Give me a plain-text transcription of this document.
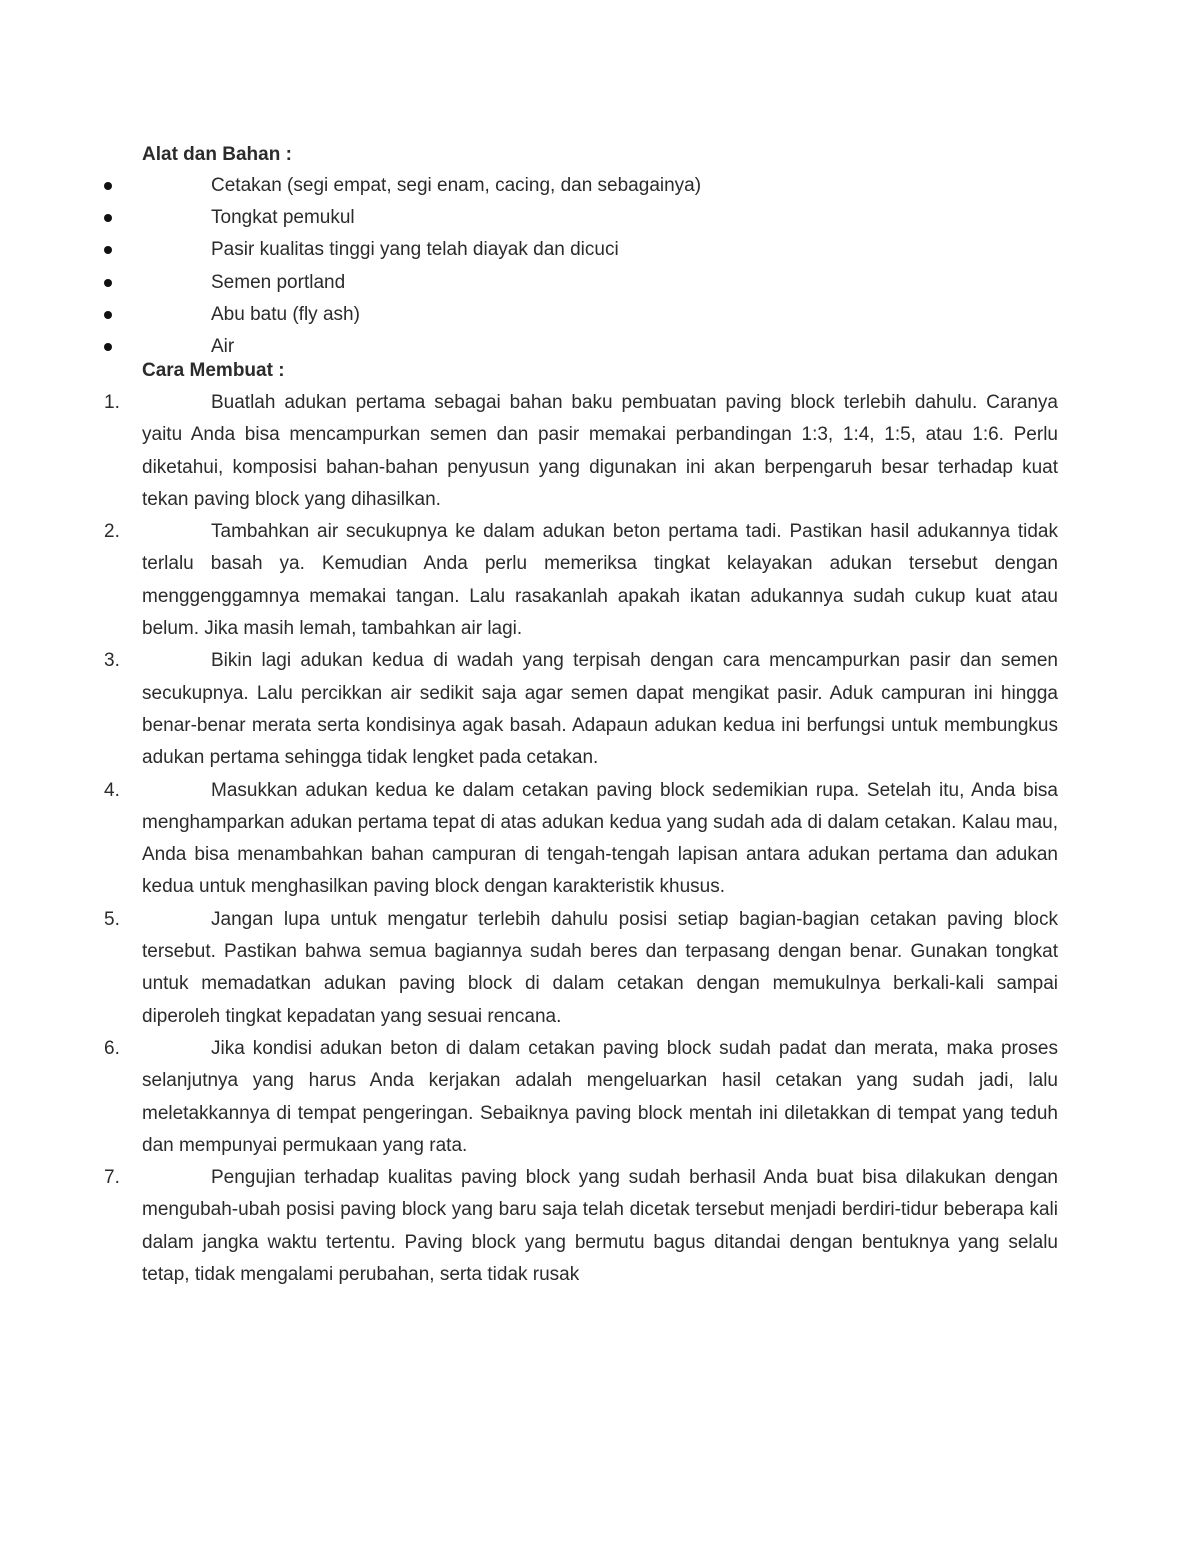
Alat dan Bahan :
Cetakan (segi empat, segi enam, cacing, dan sebagainya)
Tongkat pemukul
Pasir kualitas tinggi yang telah diayak dan dicuci
Semen portland
Abu batu (fly ash)
Air
Cara Membuat :
1.	Buatlah adukan pertama sebagai bahan baku pembuatan paving block terlebih dahulu. Caranya yaitu Anda bisa mencampurkan semen dan pasir memakai perbandingan 1:3, 1:4, 1:5, atau 1:6. Perlu diketahui, komposisi bahan-bahan penyusun yang digunakan ini akan berpengaruh besar terhadap kuat tekan paving block yang dihasilkan.

2.	Tambahkan air secukupnya ke dalam adukan beton pertama tadi. Pastikan hasil adukannya tidak terlalu basah ya. Kemudian Anda perlu memeriksa tingkat kelayakan adukan tersebut dengan menggenggamnya memakai tangan. Lalu rasakanlah apakah ikatan adukannya sudah cukup kuat atau belum. Jika masih lemah, tambahkan air lagi.

3.	Bikin lagi adukan kedua di wadah yang terpisah dengan cara mencampurkan pasir dan semen secukupnya. Lalu percikkan air sedikit saja agar semen dapat mengikat pasir. Aduk campuran ini hingga benar-benar merata serta kondisinya agak basah. Adapaun adukan kedua ini berfungsi untuk membungkus adukan pertama sehingga tidak lengket pada cetakan.

4.	Masukkan adukan kedua ke dalam cetakan paving block sedemikian rupa. Setelah itu, Anda bisa menghamparkan adukan pertama tepat di atas adukan kedua yang sudah ada di dalam cetakan. Kalau mau, Anda bisa menambahkan bahan campuran di tengah-tengah lapisan antara adukan pertama dan adukan kedua untuk menghasilkan paving block dengan karakteristik khusus.

5.	Jangan lupa untuk mengatur terlebih dahulu posisi setiap bagian-bagian cetakan paving block tersebut. Pastikan bahwa semua bagiannya sudah beres dan terpasang dengan benar. Gunakan tongkat untuk memadatkan adukan paving block di dalam cetakan dengan memukulnya berkali-kali sampai diperoleh tingkat kepadatan yang sesuai rencana.

6.	Jika kondisi adukan beton di dalam cetakan paving block sudah padat dan merata, maka proses selanjutnya yang harus Anda kerjakan adalah mengeluarkan hasil cetakan yang sudah jadi, lalu meletakkannya di tempat pengeringan. Sebaiknya paving block mentah ini diletakkan di tempat yang teduh dan mempunyai permukaan yang rata.

7.	Pengujian terhadap kualitas paving block yang sudah berhasil Anda buat bisa dilakukan dengan mengubah-ubah posisi paving block yang baru saja telah dicetak tersebut menjadi berdiri-tidur beberapa kali dalam jangka waktu tertentu. Paving block yang bermutu bagus ditandai dengan bentuknya yang selalu tetap, tidak mengalami perubahan, serta tidak rusak
